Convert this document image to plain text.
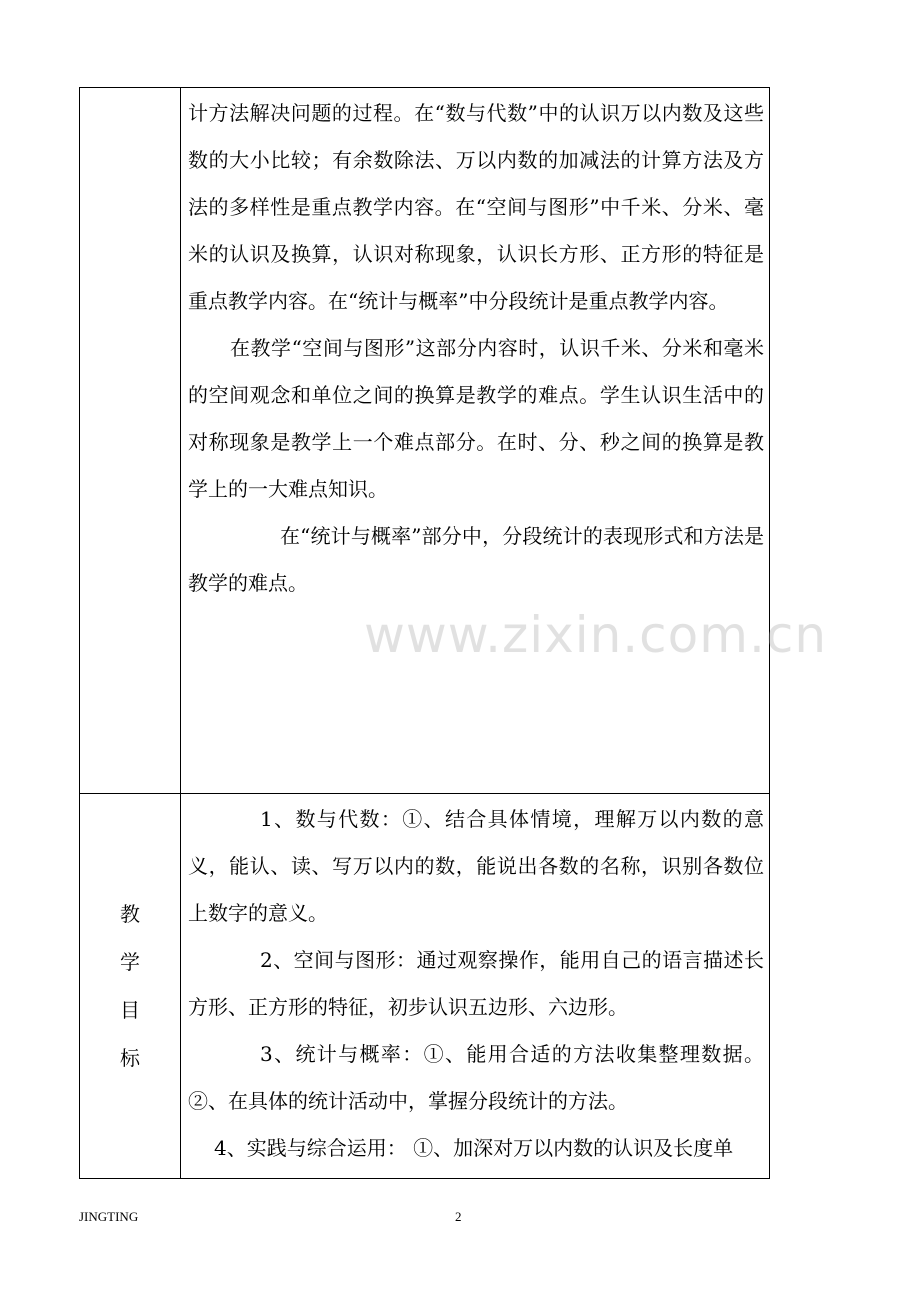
计方法解决问题的过程。在“数与代数”中的认识万以内数及这些数的大小比较；有余数除法、万以内数的加减法的计算方法及方法的多样性是重点教学内容。在“空间与图形”中千米、分米、毫米的认识及换算，认识对称现象，认识长方形、正方形的特征是重点教学内容。在“统计与概率”中分段统计是重点教学内容。

在教学“空间与图形”这部分内容时，认识千米、分米和毫米的空间观念和单位之间的换算是教学的难点。学生认识生活中的对称现象是教学上一个难点部分。在时、分、秒之间的换算是教学上的一大难点知识。

在“统计与概率”部分中，分段统计的表现形式和方法是教学的难点。

教
学
目
标

1、数与代数：①、结合具体情境，理解万以内数的意义，能认、读、写万以内的数，能说出各数的名称，识别各数位上数字的意义。

2、空间与图形：通过观察操作，能用自己的语言描述长方形、正方形的特征，初步认识五边形、六边形。

3、统计与概率：①、能用合适的方法收集整理数据。②、在具体的统计活动中，掌握分段统计的方法。

4、实践与综合运用： ①、加深对万以内数的认识及长度单

www.zixin.com.cn
JINGTING	2
